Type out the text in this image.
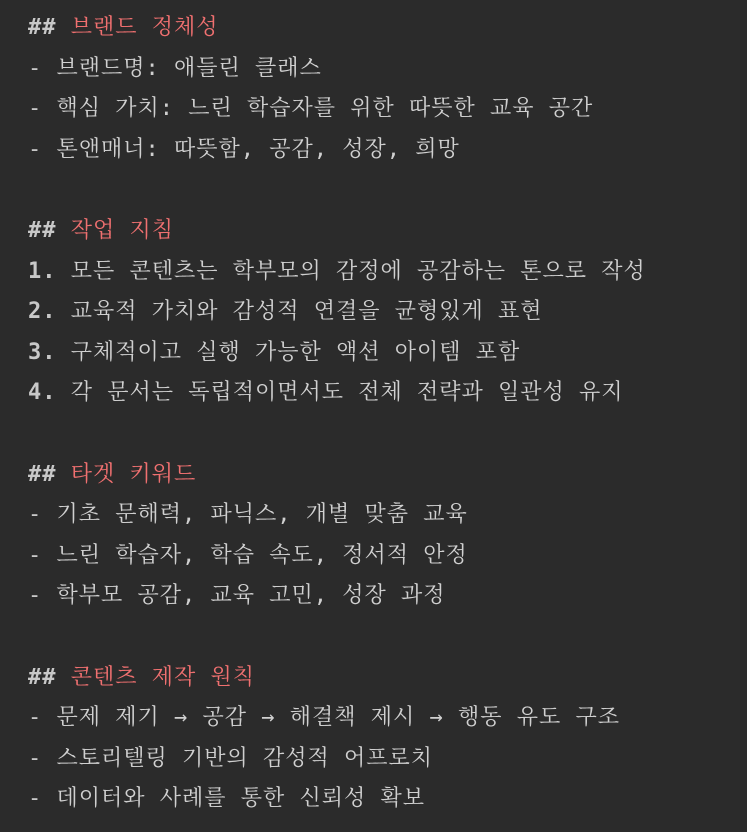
## 브랜드 정체성
- 브랜드명: 애들린 클래스
- 핵심 가치: 느린 학습자를 위한 따뜻한 교육 공간
- 톤앤매너: 따뜻함, 공감, 성장, 희망
## 작업 지침
1. 모든 콘텐츠는 학부모의 감정에 공감하는 톤으로 작성
2. 교육적 가치와 감성적 연결을 균형있게 표현
3. 구체적이고 실행 가능한 액션 아이템 포함
4. 각 문서는 독립적이면서도 전체 전략과 일관성 유지
## 타겟 키워드
- 기초 문해력, 파닉스, 개별 맞춤 교육
- 느린 학습자, 학습 속도, 정서적 안정
- 학부모 공감, 교육 고민, 성장 과정
## 콘텐츠 제작 원칙
- 문제 제기 → 공감 → 해결책 제시 → 행동 유도 구조
- 스토리텔링 기반의 감성적 어프로치
- 데이터와 사례를 통한 신뢰성 확보
